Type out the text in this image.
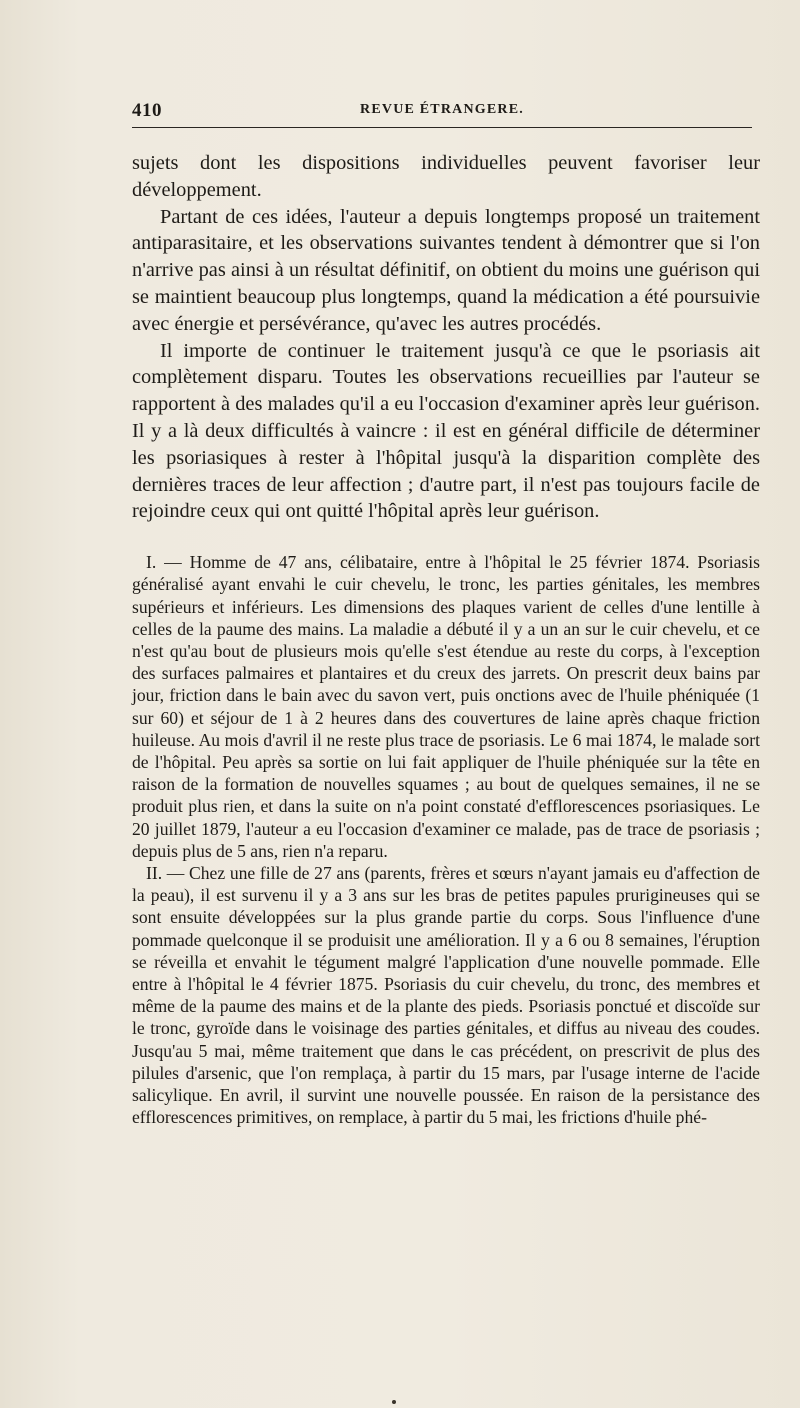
410	REVUE ÉTRANGERE.

sujets dont les dispositions individuelles peuvent favoriser leur développement.

Partant de ces idées, l'auteur a depuis longtemps proposé un traitement antiparasitaire, et les observations suivantes tendent à démontrer que si l'on n'arrive pas ainsi à un résultat définitif, on obtient du moins une guérison qui se maintient beaucoup plus longtemps, quand la médication a été poursuivie avec énergie et persévérance, qu'avec les autres procédés.

Il importe de continuer le traitement jusqu'à ce que le psoriasis ait complètement disparu. Toutes les observations recueillies par l'auteur se rapportent à des malades qu'il a eu l'occasion d'examiner après leur guérison. Il y a là deux difficultés à vaincre : il est en général difficile de déterminer les psoriasiques à rester à l'hôpital jusqu'à la disparition complète des dernières traces de leur affection ; d'autre part, il n'est pas toujours facile de rejoindre ceux qui ont quitté l'hôpital après leur guérison.

I. — Homme de 47 ans, célibataire, entre à l'hôpital le 25 février 1874. Psoriasis généralisé ayant envahi le cuir chevelu, le tronc, les parties génitales, les membres supérieurs et inférieurs. Les dimensions des plaques varient de celles d'une lentille à celles de la paume des mains. La maladie a débuté il y a un an sur le cuir chevelu, et ce n'est qu'au bout de plusieurs mois qu'elle s'est étendue au reste du corps, à l'exception des surfaces palmaires et plantaires et du creux des jarrets. On prescrit deux bains par jour, friction dans le bain avec du savon vert, puis onctions avec de l'huile phéniquée (1 sur 60) et séjour de 1 à 2 heures dans des couvertures de laine après chaque friction huileuse. Au mois d'avril il ne reste plus trace de psoriasis. Le 6 mai 1874, le malade sort de l'hôpital. Peu après sa sortie on lui fait appliquer de l'huile phéniquée sur la tête en raison de la formation de nouvelles squames ; au bout de quelques semaines, il ne se produit plus rien, et dans la suite on n'a point constaté d'efflorescences psoriasiques. Le 20 juillet 1879, l'auteur a eu l'occasion d'examiner ce malade, pas de trace de psoriasis ; depuis plus de 5 ans, rien n'a reparu.

II. — Chez une fille de 27 ans (parents, frères et sœurs n'ayant jamais eu d'affection de la peau), il est survenu il y a 3 ans sur les bras de petites papules prurigineuses qui se sont ensuite développées sur la plus grande partie du corps. Sous l'influence d'une pommade quelconque il se produisit une amélioration. Il y a 6 ou 8 semaines, l'éruption se réveilla et envahit le tégument malgré l'application d'une nouvelle pommade. Elle entre à l'hôpital le 4 février 1875. Psoriasis du cuir chevelu, du tronc, des membres et même de la paume des mains et de la plante des pieds. Psoriasis ponctué et discoïde sur le tronc, gyroïde dans le voisinage des parties génitales, et diffus au niveau des coudes. Jusqu'au 5 mai, même traitement que dans le cas précédent, on prescrivit de plus des pilules d'arsenic, que l'on remplaça, à partir du 15 mars, par l'usage interne de l'acide salicylique. En avril, il survint une nouvelle poussée. En raison de la persistance des efflorescences primitives, on remplace, à partir du 5 mai, les frictions d'huile phé-
